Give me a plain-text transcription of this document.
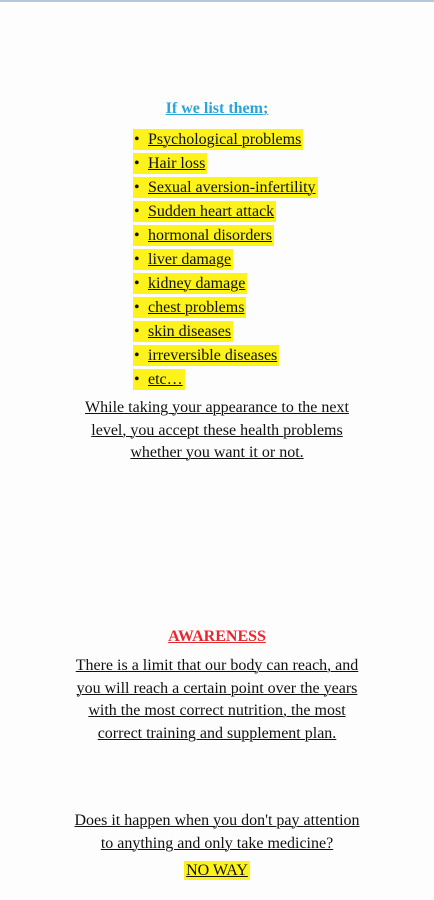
If we list them;
• Psychological problems
• Hair loss
• Sexual aversion-infertility
• Sudden heart attack
• hormonal disorders
• liver damage
• kidney damage
• chest problems
• skin diseases
• irreversible diseases
• etc…
While taking your appearance to the next
level, you accept these health problems
whether you want it or not.
AWARENESS
There is a limit that our body can reach, and
you will reach a certain point over the years
with the most correct nutrition, the most
correct training and supplement plan.
Does it happen when you don't pay attention
to anything and only take medicine?
NO WAY
